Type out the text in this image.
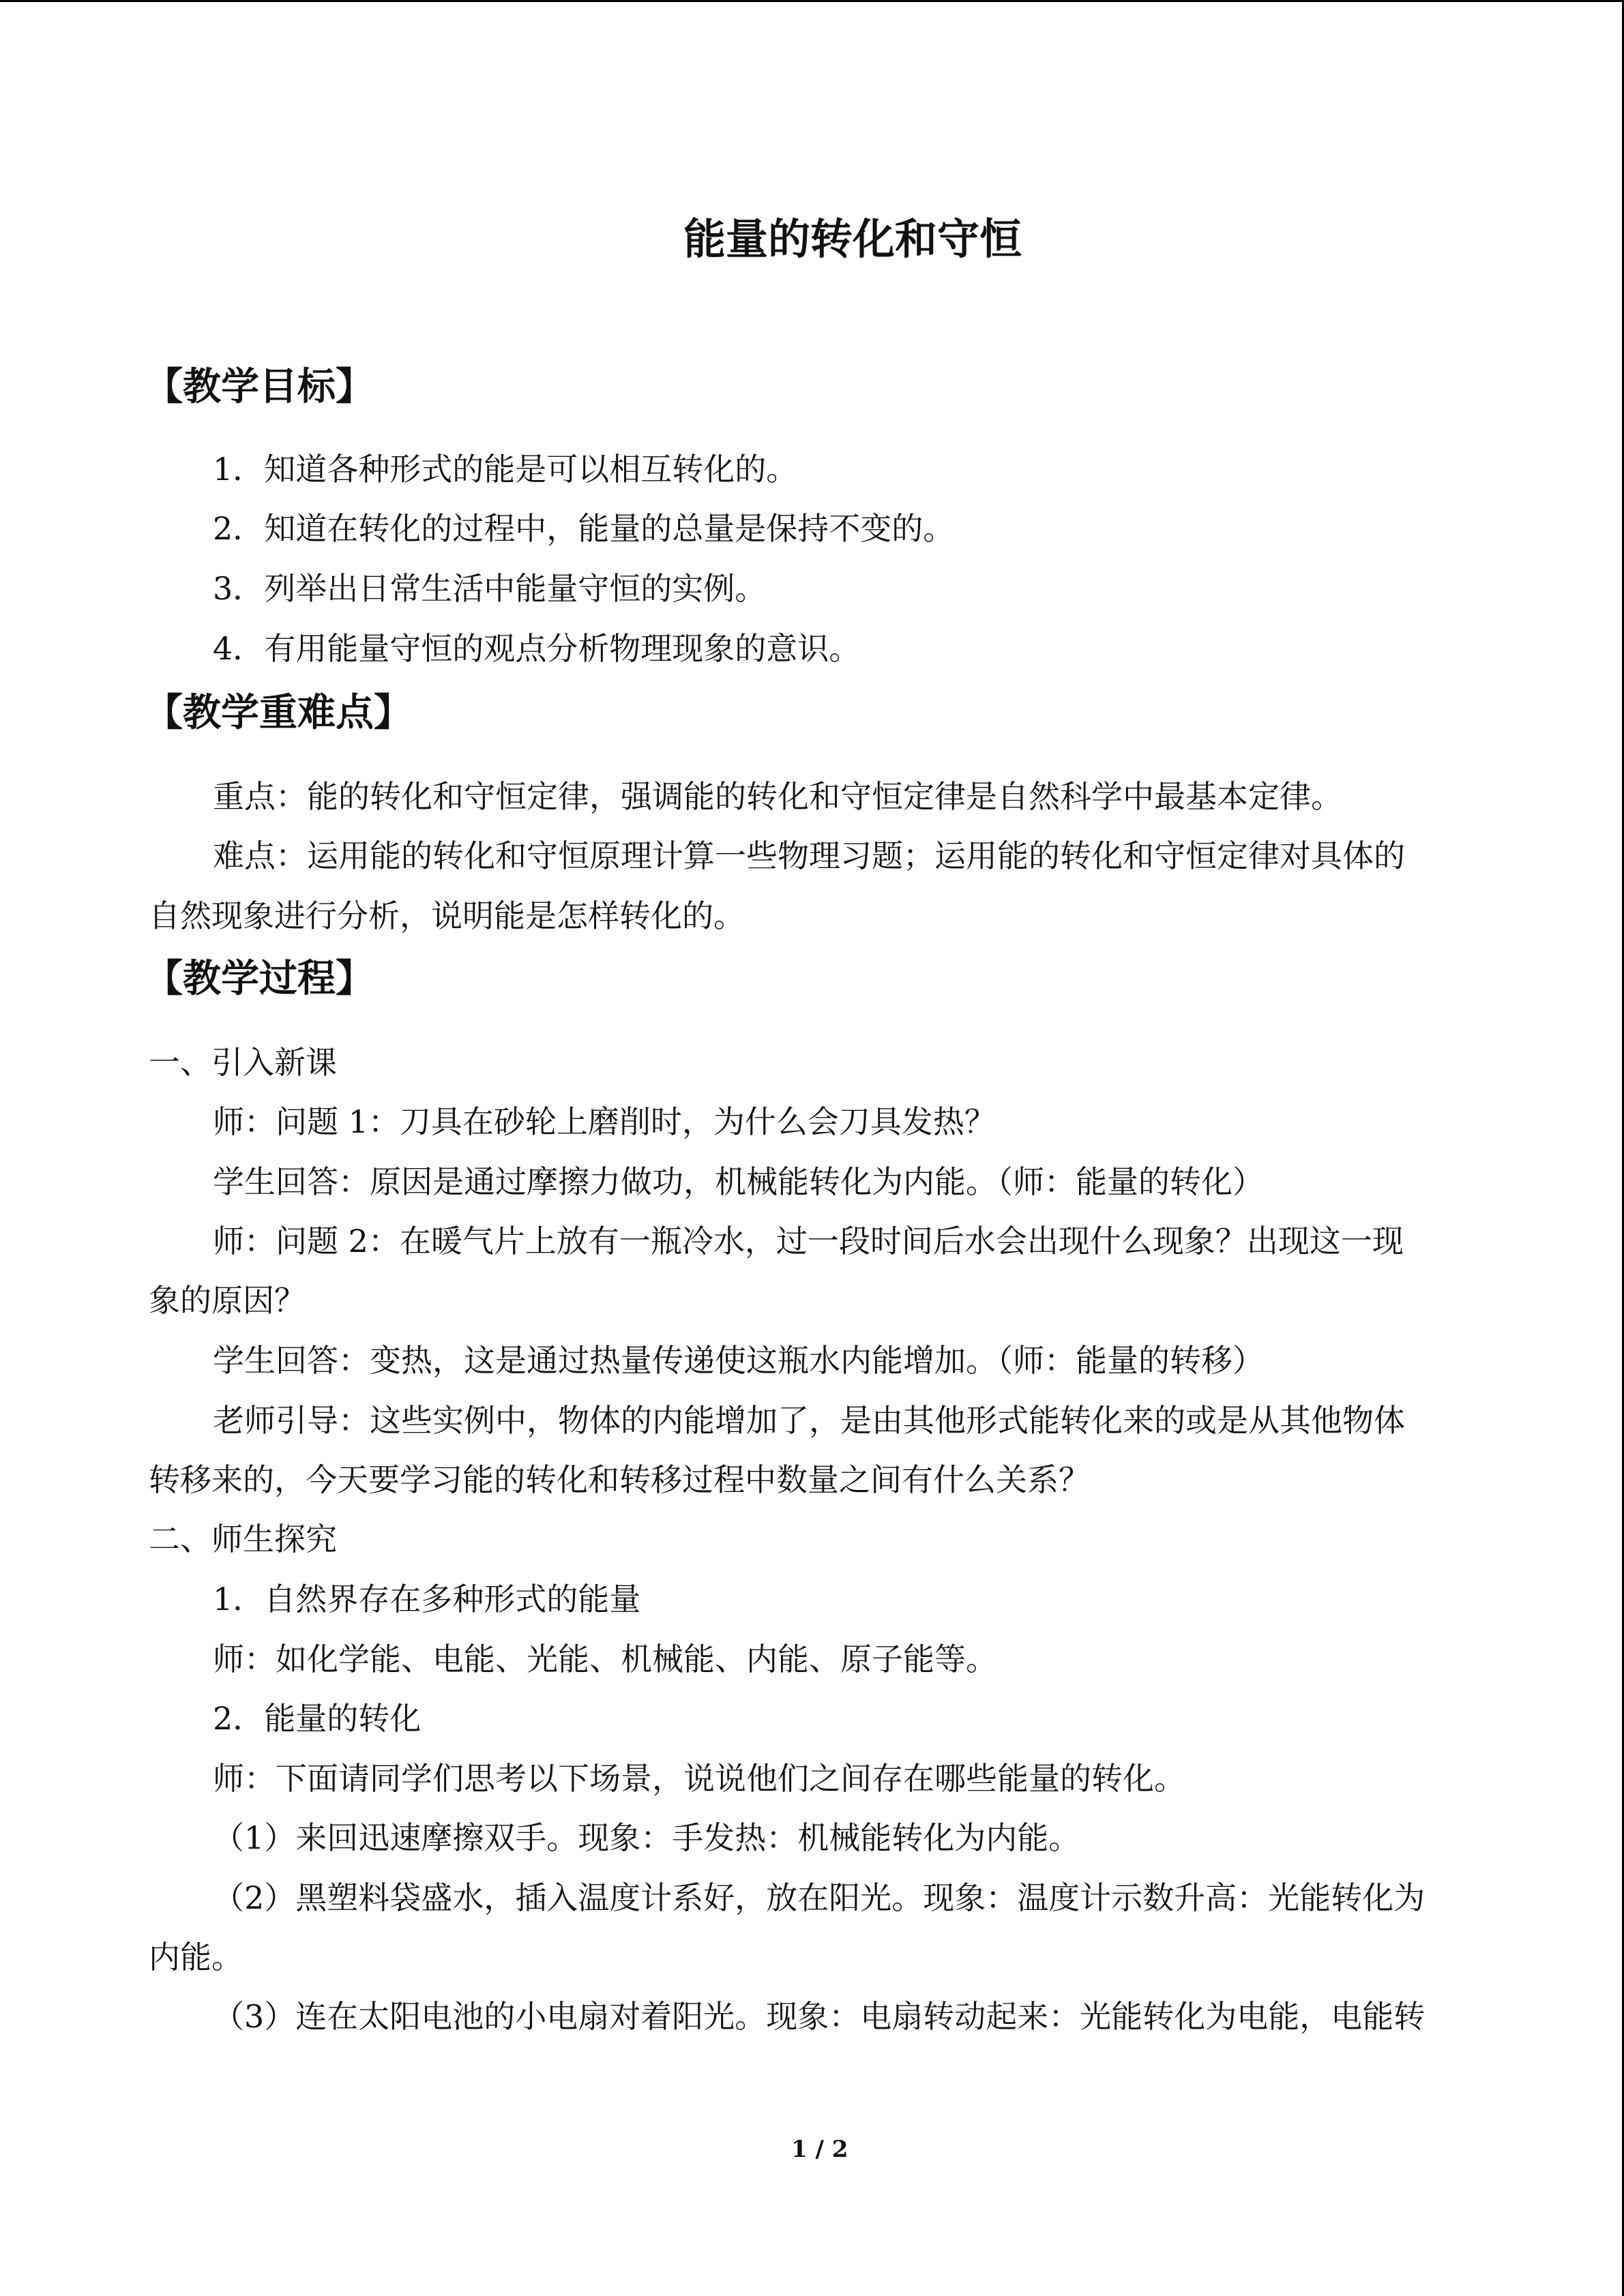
能量的转化和守恒
【教学目标】

1．知道各种形式的能是可以相互转化的。

2．知道在转化的过程中，能量的总量是保持不变的。

3．列举出日常生活中能量守恒的实例。

4．有用能量守恒的观点分析物理现象的意识。

【教学重难点】

重点：能的转化和守恒定律，强调能的转化和守恒定律是自然科学中最基本定律。

难点：运用能的转化和守恒原理计算一些物理习题；运用能的转化和守恒定律对具体的

自然现象进行分析，说明能是怎样转化的。

【教学过程】

一、引入新课

师：问题 1：刀具在砂轮上磨削时，为什么会刀具发热？

学生回答：原因是通过摩擦力做功，机械能转化为内能。（师：能量的转化）

师：问题 2：在暖气片上放有一瓶冷水，过一段时间后水会出现什么现象？出现这一现

象的原因？

学生回答：变热，这是通过热量传递使这瓶水内能增加。（师：能量的转移）

老师引导：这些实例中，物体的内能增加了，是由其他形式能转化来的或是从其他物体

转移来的，今天要学习能的转化和转移过程中数量之间有什么关系？

二、师生探究

1．自然界存在多种形式的能量

师：如化学能、电能、光能、机械能、内能、原子能等。

2．能量的转化

师：下面请同学们思考以下场景，说说他们之间存在哪些能量的转化。

（1）来回迅速摩擦双手。现象：手发热：机械能转化为内能。

（2）黑塑料袋盛水，插入温度计系好，放在阳光。现象：温度计示数升高：光能转化为

内能。

（3）连在太阳电池的小电扇对着阳光。现象：电扇转动起来：光能转化为电能，电能转

1 / 2
